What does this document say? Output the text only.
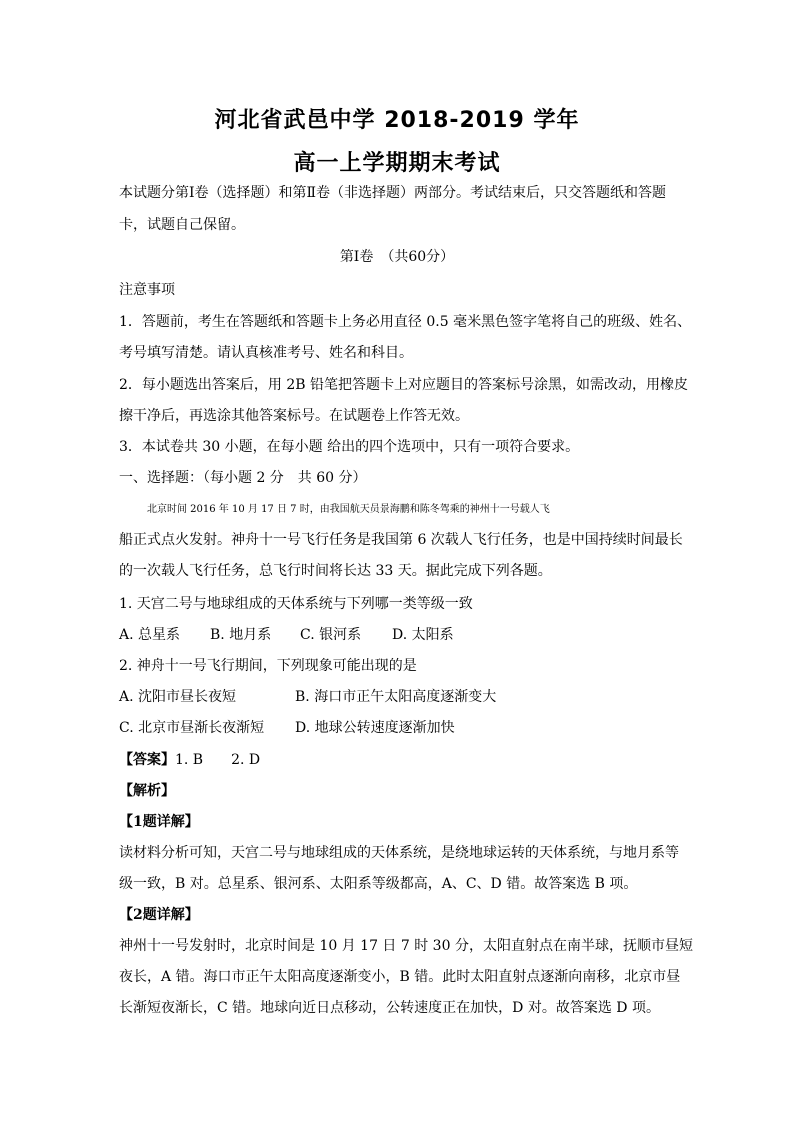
河北省武邑中学 2018-2019 学年
高一上学期期末考试
本试题分第Ⅰ卷（选择题）和第Ⅱ卷（非选择题）两部分。考试结束后，只交答题纸和答题
卡，试题自己保留。
第Ⅰ卷　（共60分）
注意事项
1．答题前，考生在答题纸和答题卡上务必用直径 0.5 毫米黑色签字笔将自己的班级、姓名、
考号填写清楚。请认真核准考号、姓名和科目。
2．每小题选出答案后，用 2B 铅笔把答题卡上对应题目的答案标号涂黑，如需改动，用橡皮
擦干净后，再选涂其他答案标号。在试题卷上作答无效。
3．本试卷共 30 小题，在每小题 给出的四个选项中，只有一项符合要求。
一、选择题：（每小题 2 分　共 60 分）
北京时间 2016 年 10 月 17 日 7 时，由我国航天员景海鹏和陈冬驾乘的神州十一号载人飞
船正式点火发射。神舟十一号飞行任务是我国第 6 次载人飞行任务，也是中国持续时间最长
的一次载人飞行任务，总飞行时间将长达 33 天。据此完成下列各题。
1. 天宫二号与地球组成的天体系统与下列哪一类等级一致
A. 总星系 B. 地月系 C. 银河系 D. 太阳系
2. 神舟十一号飞行期间，下列现象可能出现的是
A. 沈阳市昼长夜短	B. 海口市正午太阳高度逐渐变大
C. 北京市昼渐长夜渐短 D. 地球公转速度逐渐加快
【答案】1. B　　2. D
【解析】
【1题详解】
读材料分析可知，天宫二号与地球组成的天体系统，是绕地球运转的天体系统，与地月系等
级一致，B 对。总星系、银河系、太阳系等级都高，A、C、D 错。故答案选 B 项。
【2题详解】
神州十一号发射时，北京时间是 10 月 17 日 7 时 30 分，太阳直射点在南半球，抚顺市昼短
夜长，A 错。海口市正午太阳高度逐渐变小，B 错。此时太阳直射点逐渐向南移，北京市昼
长渐短夜渐长，C 错。地球向近日点移动，公转速度正在加快，D 对。故答案选 D 项。
